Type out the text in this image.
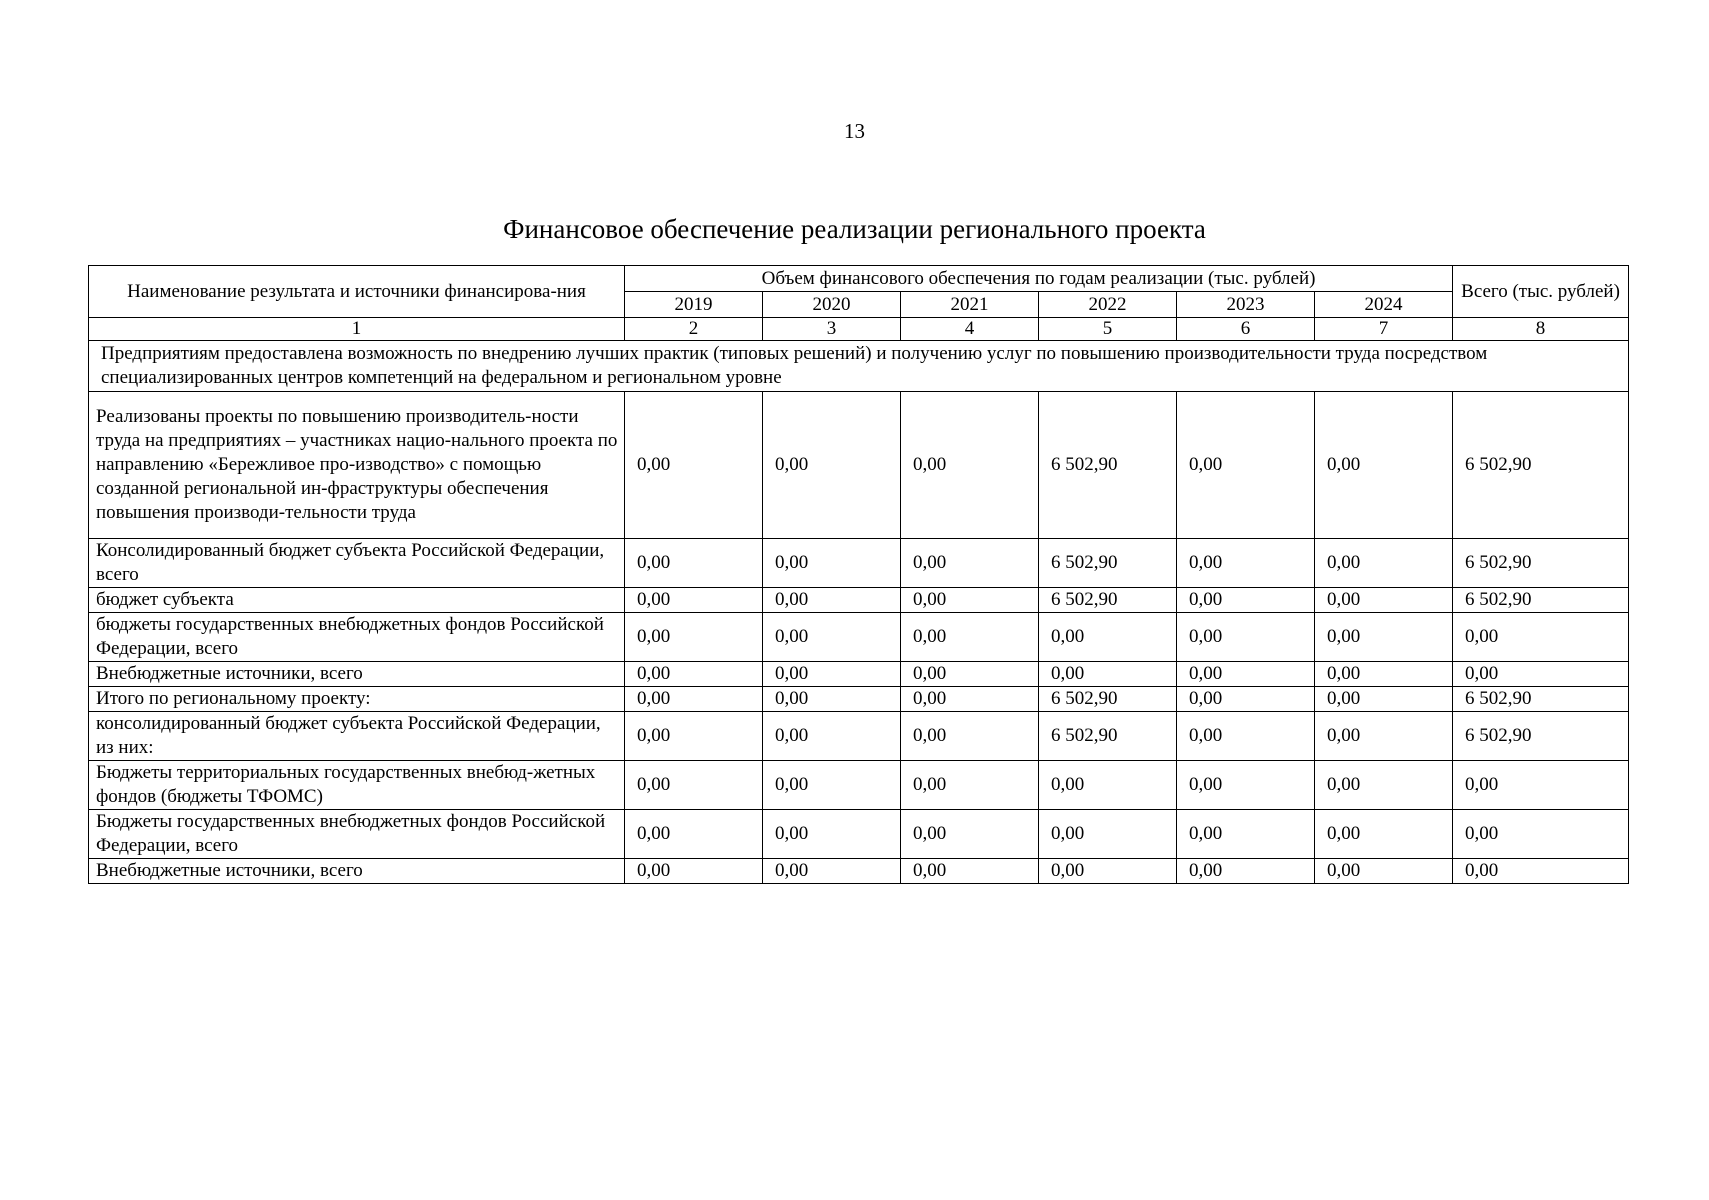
13
Финансовое обеспечение реализации регионального проекта
Наименование результата и источники финансирова-ния	Объем финансового обеспечения по годам реализации (тыс. рублей)						Всего (тыс. рублей)
	2019	2020	2021	2022	2023	2024	
1	2	3	4	5	6	7	8
Предприятиям предоставлена возможность по внедрению лучших практик (типовых решений) и получению услуг по повышению производительности труда посредством специализированных центров компетенций на федеральном и региональном уровне							
Реализованы проекты по повышению производитель-ности труда на предприятиях – участниках нацио-нального проекта по направлению «Бережливое про-изводство» с помощью созданной региональной ин-фраструктуры обеспечения повышения производи-тельности труда	0,00	0,00	0,00	6 502,90	0,00	0,00	6 502,90
Консолидированный бюджет субъекта Российской Федерации, всего	0,00	0,00	0,00	6 502,90	0,00	0,00	6 502,90
бюджет субъекта	0,00	0,00	0,00	6 502,90	0,00	0,00	6 502,90
бюджеты государственных внебюджетных фондов Российской Федерации, всего	0,00	0,00	0,00	0,00	0,00	0,00	0,00
Внебюджетные источники, всего	0,00	0,00	0,00	0,00	0,00	0,00	0,00
Итого по региональному проекту:	0,00	0,00	0,00	6 502,90	0,00	0,00	6 502,90
консолидированный бюджет субъекта Российской Федерации, из них:	0,00	0,00	0,00	6 502,90	0,00	0,00	6 502,90
Бюджеты территориальных государственных внебюд-жетных фондов (бюджеты ТФОМС)	0,00	0,00	0,00	0,00	0,00	0,00	0,00
Бюджеты государственных внебюджетных фондов Российской Федерации, всего	0,00	0,00	0,00	0,00	0,00	0,00	0,00
Внебюджетные источники, всего	0,00	0,00	0,00	0,00	0,00	0,00	0,00
